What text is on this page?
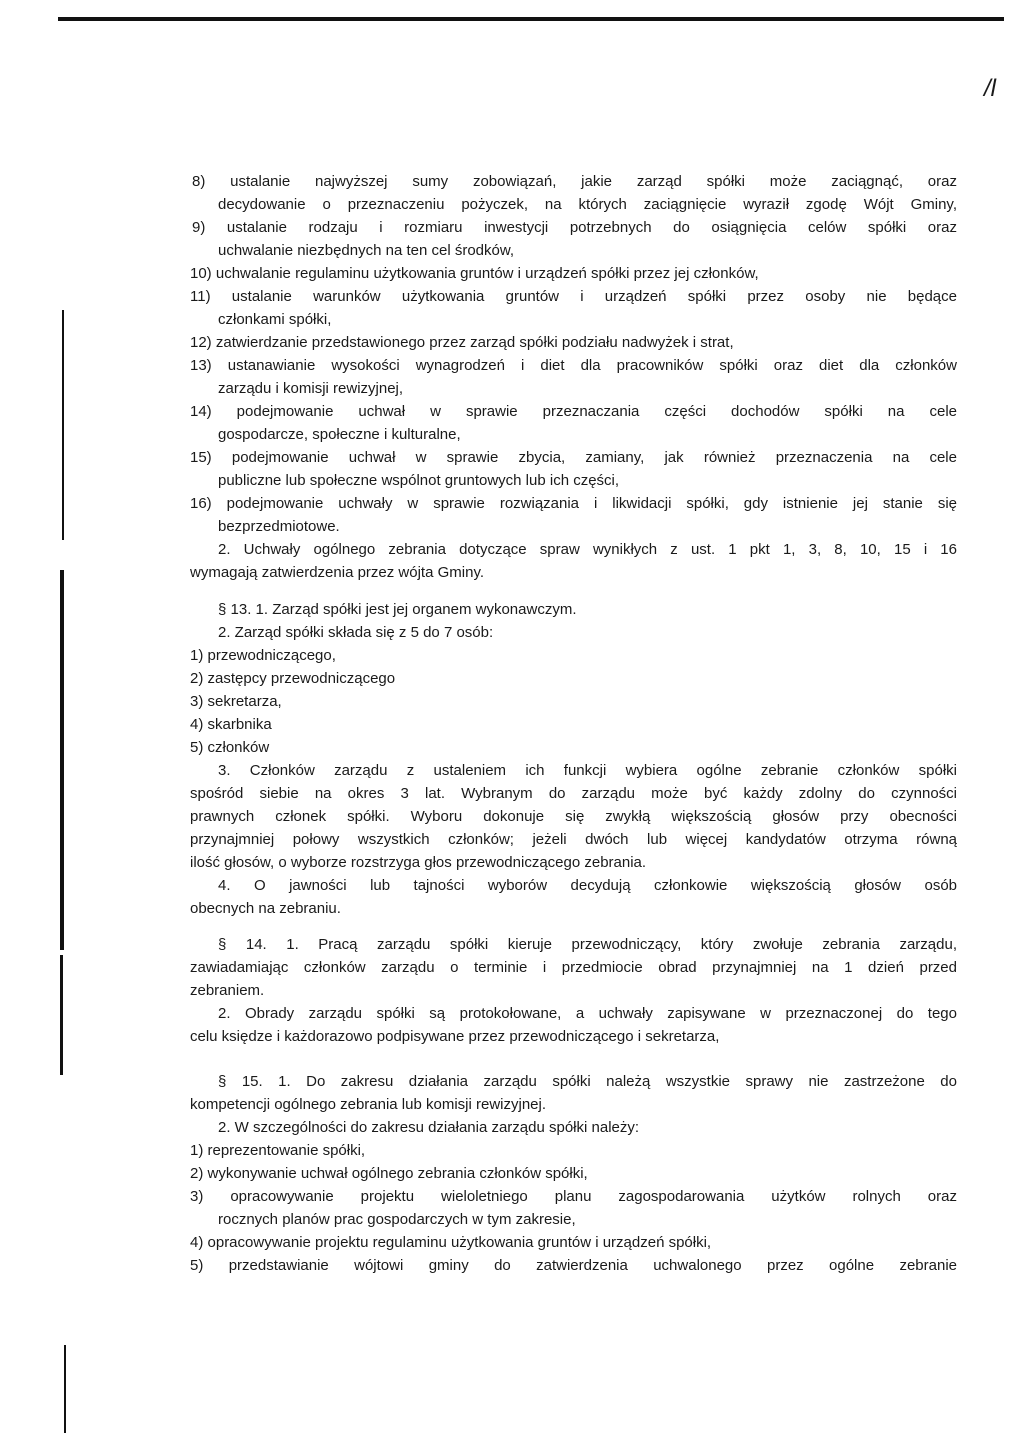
/l

8) ustalanie najwyższej sumy zobowiązań, jakie zarząd spółki może zaciągnąć, oraz

decydowanie o przeznaczeniu pożyczek, na których zaciągnięcie wyraził zgodę Wójt Gminy,

9) ustalanie rodzaju i rozmiaru inwestycji potrzebnych do osiągnięcia celów spółki oraz

uchwalanie niezbędnych na ten cel środków,

10) uchwalanie regulaminu użytkowania gruntów i urządzeń spółki przez jej członków,

11) ustalanie warunków użytkowania gruntów i urządzeń spółki przez osoby nie będące

członkami spółki,

12) zatwierdzanie przedstawionego przez zarząd spółki podziału nadwyżek i strat,

13) ustanawianie wysokości wynagrodzeń i diet dla pracowników spółki oraz diet dla członków

zarządu i komisji rewizyjnej,

14) podejmowanie uchwał w sprawie przeznaczania części dochodów spółki na cele

gospodarcze, społeczne i kulturalne,

15) podejmowanie uchwał w sprawie zbycia, zamiany, jak również przeznaczenia na cele

publiczne lub społeczne wspólnot gruntowych lub ich części,

16) podejmowanie uchwały w sprawie rozwiązania i likwidacji spółki, gdy istnienie jej stanie się

bezprzedmiotowe.

2. Uchwały ogólnego zebrania dotyczące spraw wynikłych z ust. 1 pkt 1, 3, 8, 10, 15 i 16

wymagają zatwierdzenia przez wójta Gminy.

§ 13. 1. Zarząd spółki jest jej organem wykonawczym.

2. Zarząd spółki składa się z 5 do 7 osób:

1) przewodniczącego,

2) zastępcy przewodniczącego

3) sekretarza,

4) skarbnika

5) członków

3. Członków zarządu z ustaleniem ich funkcji wybiera ogólne zebranie członków spółki

spośród siebie na okres 3 lat. Wybranym do zarządu może być każdy zdolny do czynności

prawnych członek spółki. Wyboru dokonuje się zwykłą większością głosów przy obecności

przynajmniej połowy wszystkich członków; jeżeli dwóch lub więcej kandydatów otrzyma równą

ilość głosów, o wyborze rozstrzyga głos przewodniczącego zebrania.

4. O jawności lub tajności wyborów decydują członkowie większością głosów osób

obecnych na zebraniu.

§ 14. 1. Pracą zarządu spółki kieruje przewodniczący, który zwołuje zebrania zarządu,

zawiadamiając członków zarządu o terminie i przedmiocie obrad przynajmniej na 1 dzień przed

zebraniem.

2. Obrady zarządu spółki są protokołowane, a uchwały zapisywane w przeznaczonej do tego

celu księdze i każdorazowo podpisywane przez przewodniczącego i sekretarza,

§ 15. 1. Do zakresu działania zarządu spółki należą wszystkie sprawy nie zastrzeżone do

kompetencji ogólnego zebrania lub komisji rewizyjnej.

2. W szczególności do zakresu działania zarządu spółki należy:

1) reprezentowanie spółki,

2) wykonywanie uchwał ogólnego zebrania członków spółki,

3) opracowywanie projektu wieloletniego planu zagospodarowania użytków rolnych oraz

rocznych planów prac gospodarczych w tym zakresie,

4) opracowywanie projektu regulaminu użytkowania gruntów i urządzeń spółki,

5) przedstawianie wójtowi gminy do zatwierdzenia uchwalonego przez ogólne zebranie
